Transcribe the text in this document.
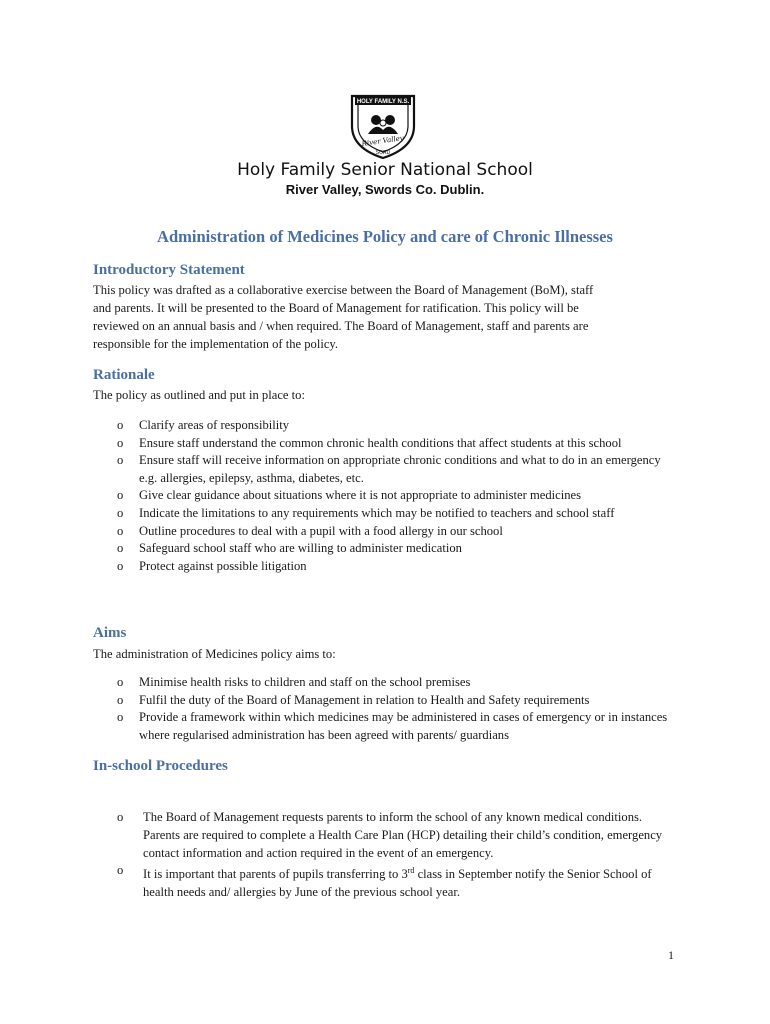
HOLY FAMILY N.S.
River Valley
SORD
Holy Family Senior National School
River Valley, Swords Co. Dublin.
Administration of Medicines Policy and care of Chronic Illnesses
Introductory Statement
This policy was drafted as a collaborative exercise between the Board of Management (BoM), staff
and parents. It will be presented to the Board of Management for ratification. This policy will be
reviewed on an annual basis and / when required. The Board of Management, staff and parents are
responsible for the implementation of the policy.
Rationale
The policy as outlined and put in place to:
o Clarify areas of responsibility
o Ensure staff understand the common chronic health conditions that affect students at this school
o Ensure staff will receive information on appropriate chronic conditions and what to do in an emergency e.g. allergies, epilepsy, asthma, diabetes, etc.
o Give clear guidance about situations where it is not appropriate to administer medicines
o Indicate the limitations to any requirements which may be notified to teachers and school staff
o Outline procedures to deal with a pupil with a food allergy in our school
o Safeguard school staff who are willing to administer medication
o Protect against possible litigation
Aims
The administration of Medicines policy aims to:
o Minimise health risks to children and staff on the school premises
o Fulfil the duty of the Board of Management in relation to Health and Safety requirements
o Provide a framework within which medicines may be administered in cases of emergency or in instances where regularised administration has been agreed with parents/ guardians
In-school Procedures
o The Board of Management requests parents to inform the school of any known medical conditions. Parents are required to complete a Health Care Plan (HCP) detailing their child’s condition, emergency contact information and action required in the event of an emergency.
o It is important that parents of pupils transferring to 3rd class in September notify the Senior School of health needs and/ allergies by June of the previous school year.
1
